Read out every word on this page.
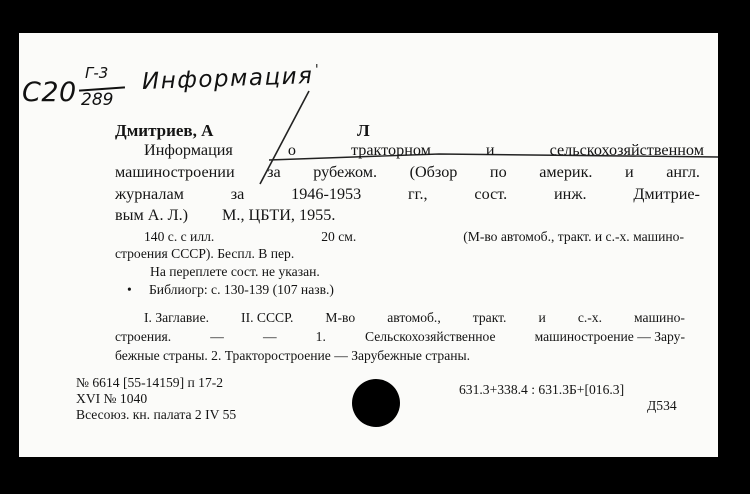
С20
Г-3
289
Информация '
Дмитриев, А	Л
Информация	о	тракторном	и	сельскохозяйственном
машиностроении за рубежом. (Обзор по америк. и англ.
журналам	за	1946-1953	гг.,	сост.	инж.	Дмитрие-
вым А. Л.) М., ЦБТИ, 1955.
140 с. с илл.	20 см.	(М-во автомоб., тракт. и с.-х. машино-
строения СССР). Беспл. В пер.
На переплете сост. не указан.
• Библиогр: с. 130-139 (107 назв.)
I. Заглавие. II. СССР. М-во автомоб., тракт. и с.-х. машино-
строения.	—	—	1.	Сельскохозяйственное	машиностроение — Зару-
бежные страны. 2. Тракторостроение — Зарубежные страны.
№ 6614 [55-14159] п 17-2
XVI № 1040
Всесоюз. кн. палата 2 IV 55
631.3+338.4 : 631.3Б+[016.3]
Д534
